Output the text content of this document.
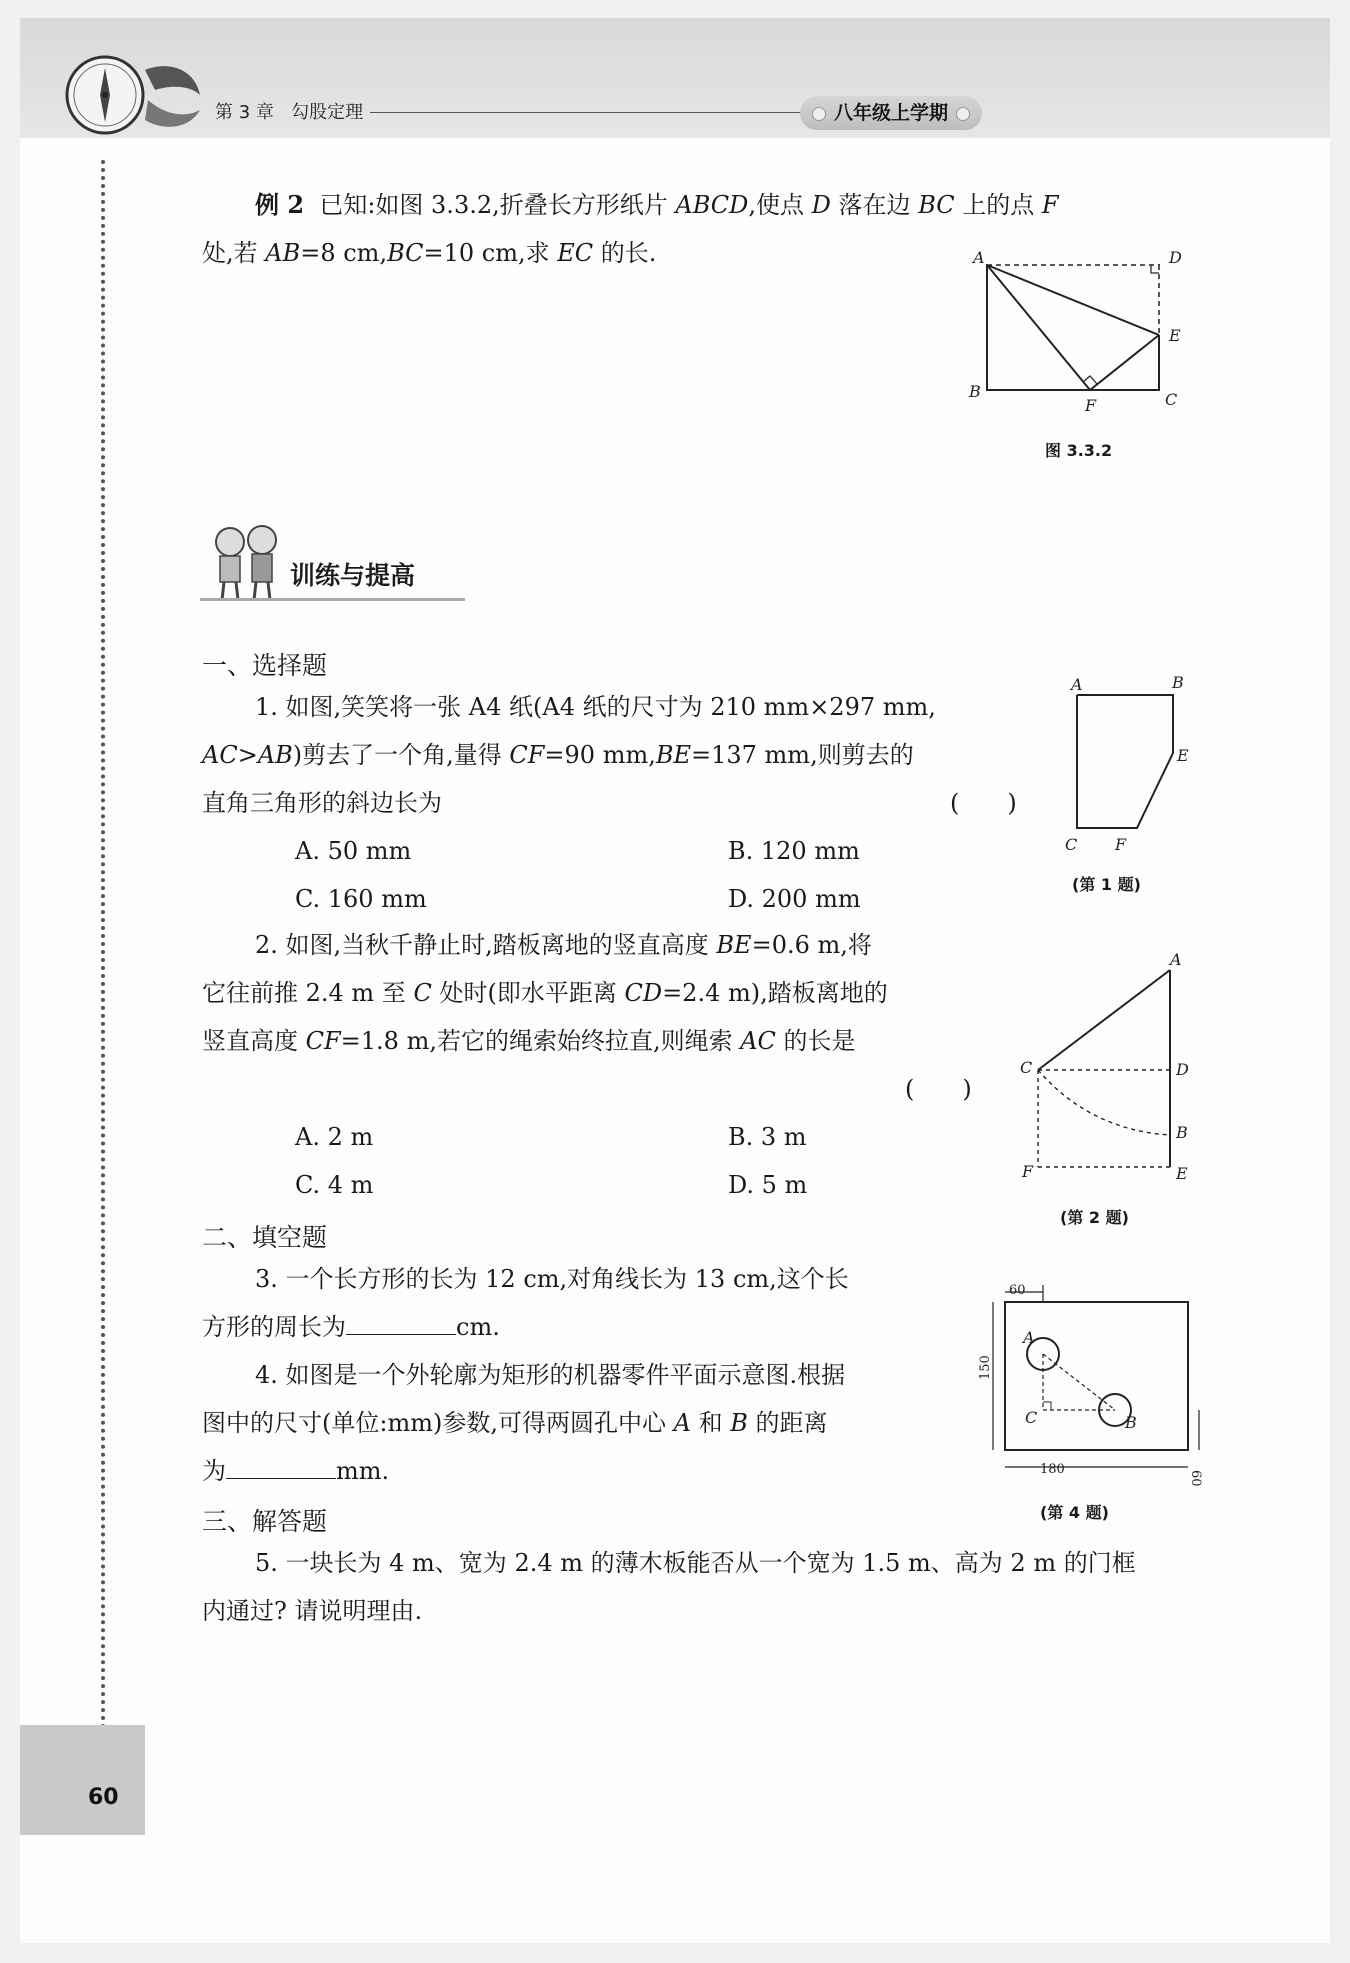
第 3 章 勾股定理	八年级上学期
例 2 已知:如图 3.3.2,折叠长方形纸片 ABCD,使点 D 落在边 BC 上的点 F
处,若 AB=8 cm,BC=10 cm,求 EC 的长.	A	D
E
B	C
F
图 3.3.2
训练与提高
一、选择题
1. 如图,笑笑将一张 A4 纸(A4 纸的尺寸为 210 mm×297 mm,
AC>AB)剪去了一个角,量得 CF=90 mm,BE=137 mm,则剪去的
直角三角形的斜边长为	(　　)
A. 50 mm	B. 120 mm
C. 160 mm	D. 200 mm
A	B
E
C F
(第 1 题)
2. 如图,当秋千静止时,踏板离地的竖直高度 BE=0.6 m,将
它往前推 2.4 m 至 C 处时(即水平距离 CD=2.4 m),踏板离地的
竖直高度 CF=1.8 m,若它的绳索始终拉直,则绳索 AC 的长是
(　　)
A. 2 m	B. 3 m
C. 4 m	D. 5 m
A
C	D
B
F	E
(第 2 题)
二、填空题
3. 一个长方形的长为 12 cm,对角线长为 13 cm,这个长
方形的周长为	cm.
4. 如图是一个外轮廓为矩形的机器零件平面示意图.根据
图中的尺寸(单位:mm)参数,可得两圆孔中心 A 和 B 的距离
为	mm.
60
150
180
60
A
C	B
(第 4 题)
三、解答题
5. 一块长为 4 m、宽为 2.4 m 的薄木板能否从一个宽为 1.5 m、高为 2 m 的门框
内通过? 请说明理由.
60
